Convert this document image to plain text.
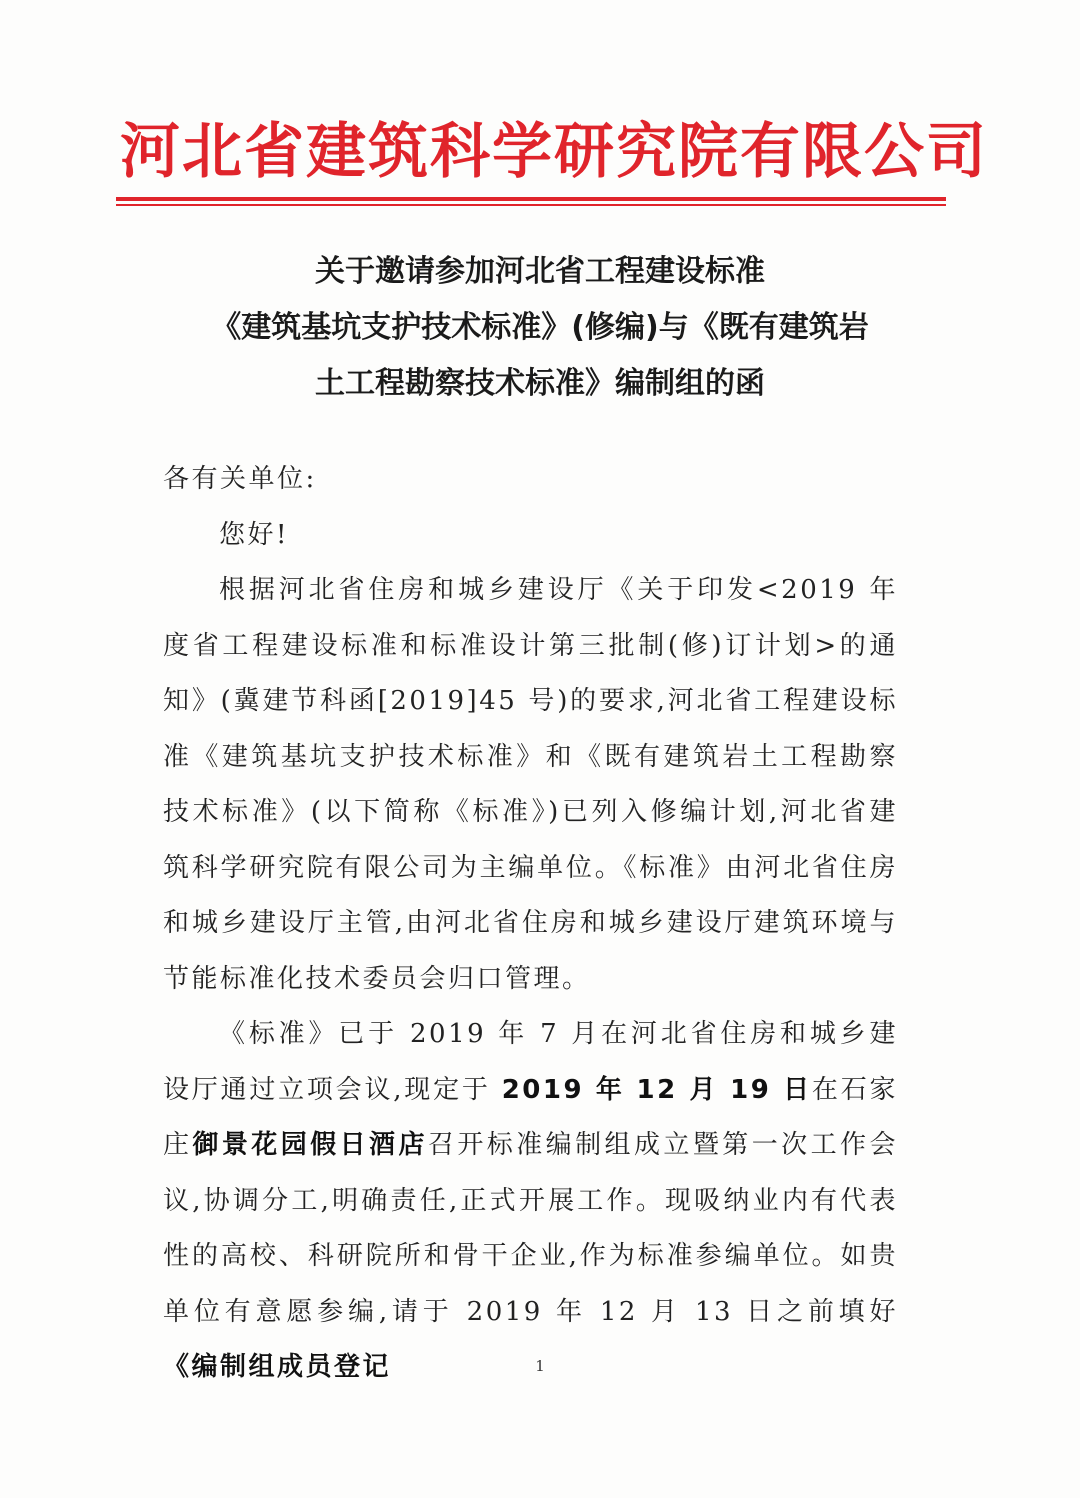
河北省建筑科学研究院有限公司
关于邀请参加河北省工程建设标准
《建筑基坑支护技术标准》(修编)与《既有建筑岩
土工程勘察技术标准》编制组的函

各有关单位:

您好!

根据河北省住房和城乡建设厅《关于印发<2019 年度省工程建设标准和标准设计第三批制(修)订计划>的通知》(冀建节科函[2019]45 号)的要求,河北省工程建设标准《建筑基坑支护技术标准》和《既有建筑岩土工程勘察技术标准》(以下简称《标准》)已列入修编计划,河北省建筑科学研究院有限公司为主编单位。《标准》由河北省住房和城乡建设厅主管,由河北省住房和城乡建设厅建筑环境与节能标准化技术委员会归口管理。

《标准》已于 2019 年 7 月在河北省住房和城乡建设厅通过立项会议,现定于 2019 年 12 月 19 日在石家庄御景花园假日酒店召开标准编制组成立暨第一次工作会议,协调分工,明确责任,正式开展工作。现吸纳业内有代表性的高校、科研院所和骨干企业,作为标准参编单位。如贵单位有意愿参编,请于 2019 年 12 月 13 日之前填好《编制组成员登记	1
